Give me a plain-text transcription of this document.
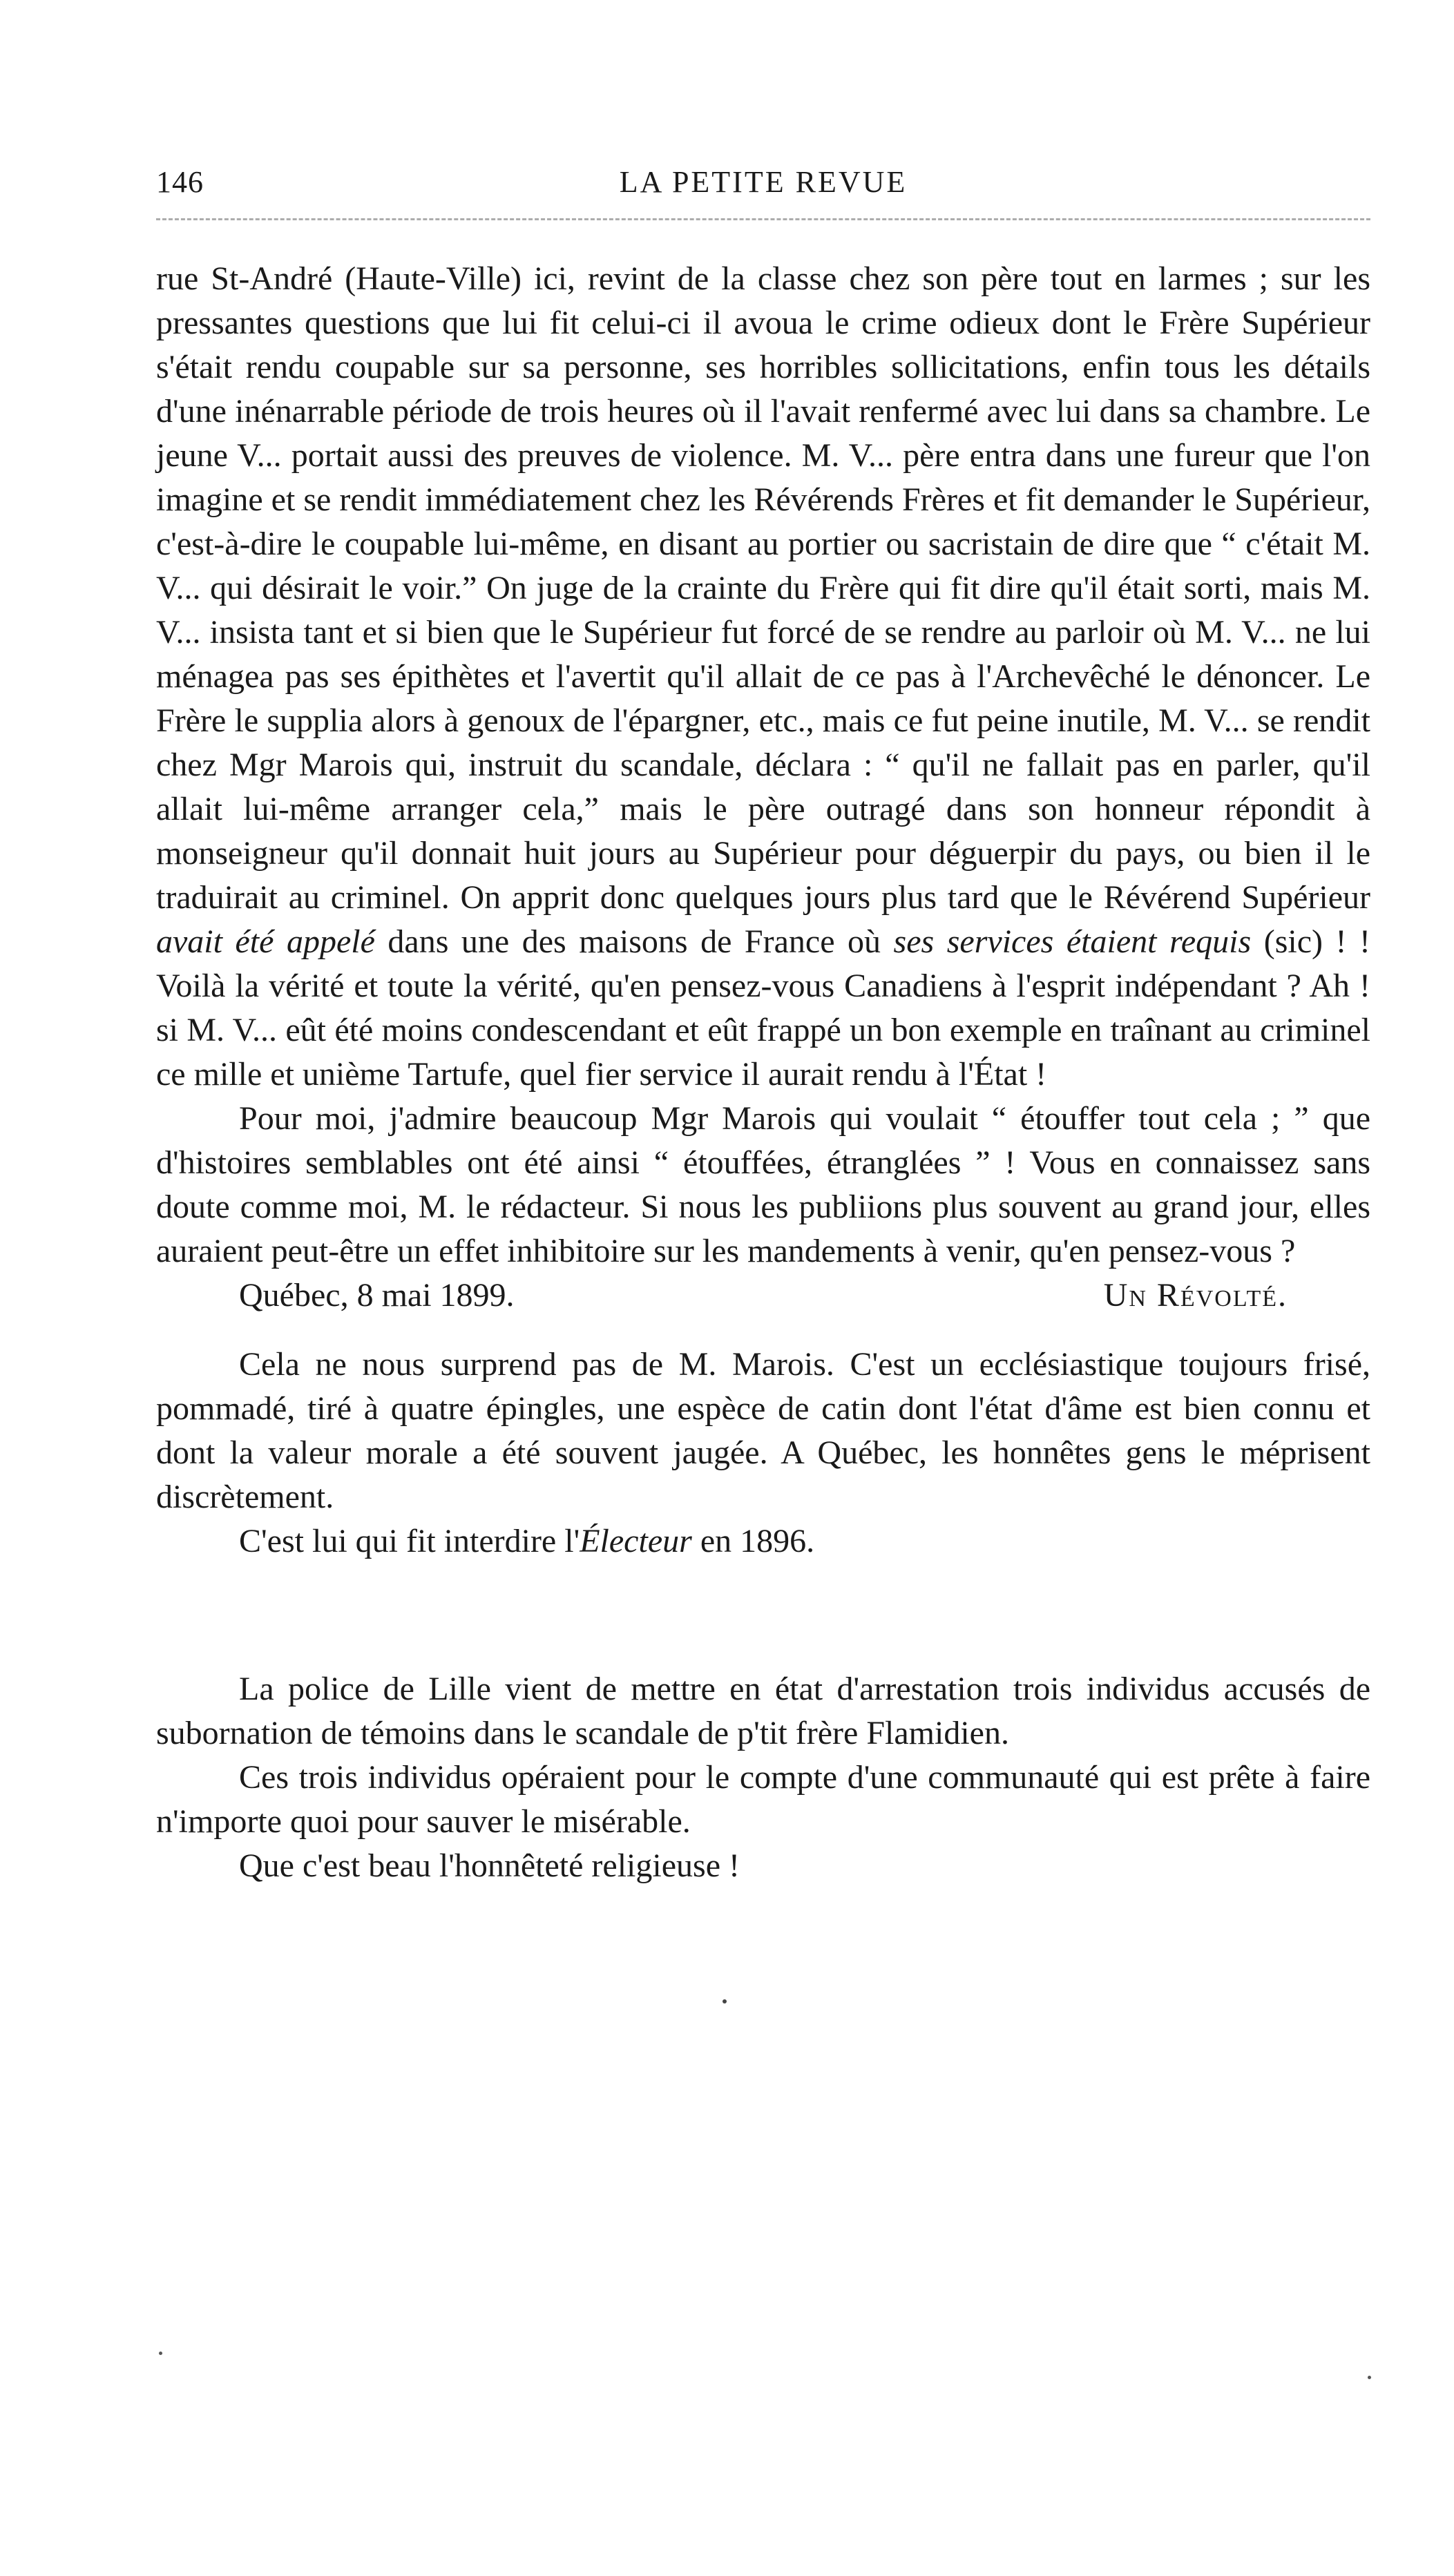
146	LA PETITE REVUE

rue St-André (Haute-Ville) ici, revint de la classe chez son père tout en larmes ; sur les pressantes questions que lui fit celui-ci il avoua le crime odieux dont le Frère Supérieur s'était rendu coupable sur sa personne, ses horribles sollicitations, enfin tous les détails d'une inénarrable période de trois heures où il l'avait renfermé avec lui dans sa chambre. Le jeune V... portait aussi des preuves de violence. M. V... père entra dans une fureur que l'on imagine et se rendit immédiatement chez les Révérends Frères et fit demander le Supérieur, c'est-à-dire le coupable lui-même, en disant au portier ou sacristain de dire que “ c'était M. V... qui désirait le voir.” On juge de la crainte du Frère qui fit dire qu'il était sorti, mais M. V... insista tant et si bien que le Supérieur fut forcé de se rendre au parloir où M. V... ne lui ménagea pas ses épithètes et l'avertit qu'il allait de ce pas à l'Archevêché le dénoncer. Le Frère le supplia alors à genoux de l'épargner, etc., mais ce fut peine inutile, M. V... se rendit chez Mgr Marois qui, instruit du scandale, déclara : “ qu'il ne fallait pas en parler, qu'il allait lui-même arranger cela,” mais le père outragé dans son honneur répondit à monseigneur qu'il donnait huit jours au Supérieur pour déguerpir du pays, ou bien il le traduirait au criminel. On apprit donc quelques jours plus tard que le Révérend Supérieur avait été appelé dans une des maisons de France où ses services étaient requis (sic) ! ! Voilà la vérité et toute la vérité, qu'en pensez-vous Canadiens à l'esprit indépendant ? Ah ! si M. V... eût été moins condescendant et eût frappé un bon exemple en traînant au criminel ce mille et unième Tartufe, quel fier service il aurait rendu à l'État !

Pour moi, j'admire beaucoup Mgr Marois qui voulait “ étouffer tout cela ; ” que d'histoires semblables ont été ainsi “ étouffées, étranglées ” ! Vous en connaissez sans doute comme moi, M. le rédacteur. Si nous les publiions plus souvent au grand jour, elles auraient peut-être un effet inhibitoire sur les mandements à venir, qu'en pensez-vous ?

Québec, 8 mai 1899.	Un Révolté.

Cela ne nous surprend pas de M. Marois. C'est un ecclésiastique toujours frisé, pommadé, tiré à quatre épingles, une espèce de catin dont l'état d'âme est bien connu et dont la valeur morale a été souvent jaugée. A Québec, les honnêtes gens le méprisent discrètement.

C'est lui qui fit interdire l'Électeur en 1896.

La police de Lille vient de mettre en état d'arrestation trois individus accusés de subornation de témoins dans le scandale de p'tit frère Flamidien.

Ces trois individus opéraient pour le compte d'une communauté qui est prête à faire n'importe quoi pour sauver le misérable.

Que c'est beau l'honnêteté religieuse !
